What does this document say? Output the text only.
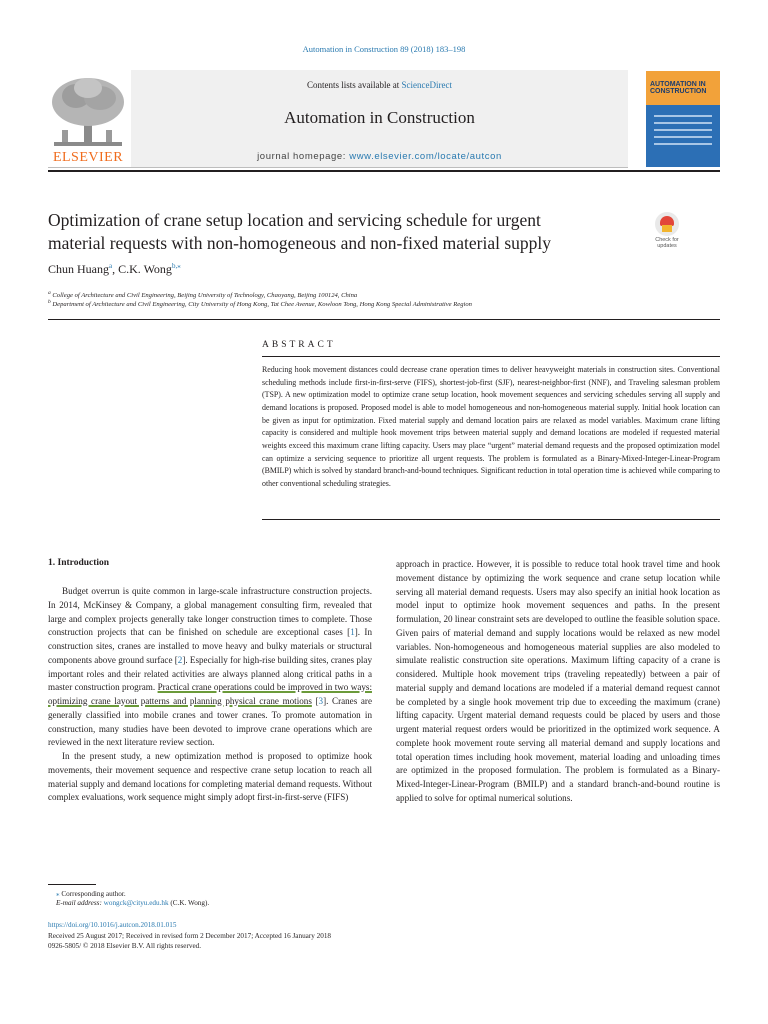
Automation in Construction 89 (2018) 183–198
ELSEVIER
Contents lists available at ScienceDirect
Automation in Construction
journal homepage: www.elsevier.com/locate/autcon
AUTOMATION IN CONSTRUCTION
Optimization of crane setup location and servicing schedule for urgent
material requests with non-homogeneous and non-fixed material supply	Check for updates
Chun Huang$^a$, C.K. Wong$^{b,⁎}$
$^a$ College of Architecture and Civil Engineering, Beijing University of Technology, Chaoyang, Beijing 100124, China
$^b$ Department of Architecture and Civil Engineering, City University of Hong Kong, Tat Chee Avenue, Kowloon Tong, Hong Kong Special Administrative Region
ABSTRACT
Reducing hook movement distances could decrease crane operation times to deliver heavyweight materials in construction sites. Conventional scheduling methods include first-in-first-serve (FIFS), shortest-job-first (SJF), nearest-neighbor-first (NNF), and Traveling salesman problem (TSP). A new optimization model to optimize crane setup location, hook movement sequences and servicing schedules serving all supply and demand locations is proposed. Proposed model is able to model homogeneous and non-homogeneous material supply. Initial hook location can be given as input for optimization. Fixed material supply and demand location pairs are relaxed as model variables. Maximum crane lifting capacity is considered and multiple hook movement trips between material supply and demand locations are modeled if requested material weights exceed this maximum crane lifting capacity. Users may place “urgent” material demand requests and the proposed optimization model can optimize a servicing sequence to prioritize all urgent requests. The problem is formulated as a Binary-Mixed-Integer-Linear-Program (BMILP) which is solved by standard branch-and-bound techniques. Significant reduction in total operation time is achieved while comparing to other conventional scheduling strategies.
1. Introduction

Budget overrun is quite common in large-scale infrastructure construction projects. In 2014, McKinsey & Company, a global management consulting firm, revealed that large and complex projects generally take longer construction times to complete. Those construction projects that can be finished on schedule are exceptional cases [1]. In construction sites, cranes are installed to move heavy and bulky materials or structural components above ground surface [2]. Especially for high-rise building sites, cranes play important roles and their related activities are always planned along critical paths in a master construction program. Practical crane operations could be improved in two ways: optimizing crane layout patterns and planning physical crane motions [3]. Cranes are generally classified into mobile cranes and tower cranes. To promote automation in construction, many studies have been devoted to improve crane operations which are reviewed in the next literature review section.

In the present study, a new optimization method is proposed to optimize hook movements, their movement sequence and respective crane setup location to reach all material supply and demand locations for completing material demand requests. Without complex evaluations, work sequence might simply adopt first-in-first-serve (FIFS)

approach in practice. However, it is possible to reduce total hook travel time and hook movement distance by optimizing the work sequence and crane setup location while serving all material demand requests. Users may also specify an initial hook location as model input to optimize hook movement sequences and paths. In the present formulation, 20 linear constraint sets are developed to outline the feasible solution space. Given pairs of material demand and supply locations would be relaxed as new model variables. Non-homogeneous and homogeneous material supplies are also modeled to simulate realistic construction site operations. Maximum lifting capacity of a crane is considered. Multiple hook movement trips (traveling repeatedly) between a pair of material supply and demand locations are modeled if a material demand request cannot be completed by a single hook movement trip due to exceeding the maximum (crane) lifting capacity. Urgent material demand requests could be placed by users and those urgent material request orders would be prioritized in the optimized work sequence. A complete hook movement route serving all material demand and supply locations and total operation times including hook movement, material loading and unloading times are optimized in the proposed formulation. The problem is formulated as a Binary-Mixed-Integer-Linear-Program (BMILP) and a standard branch-and-bound routine is applied to solve for optimal numerical solutions.

⁎ Corresponding author.
E-mail address: wongck@cityu.edu.hk (C.K. Wong).
https://doi.org/10.1016/j.autcon.2018.01.015
Received 25 August 2017; Received in revised form 2 December 2017; Accepted 16 January 2018
0926-5805/ © 2018 Elsevier B.V. All rights reserved.
